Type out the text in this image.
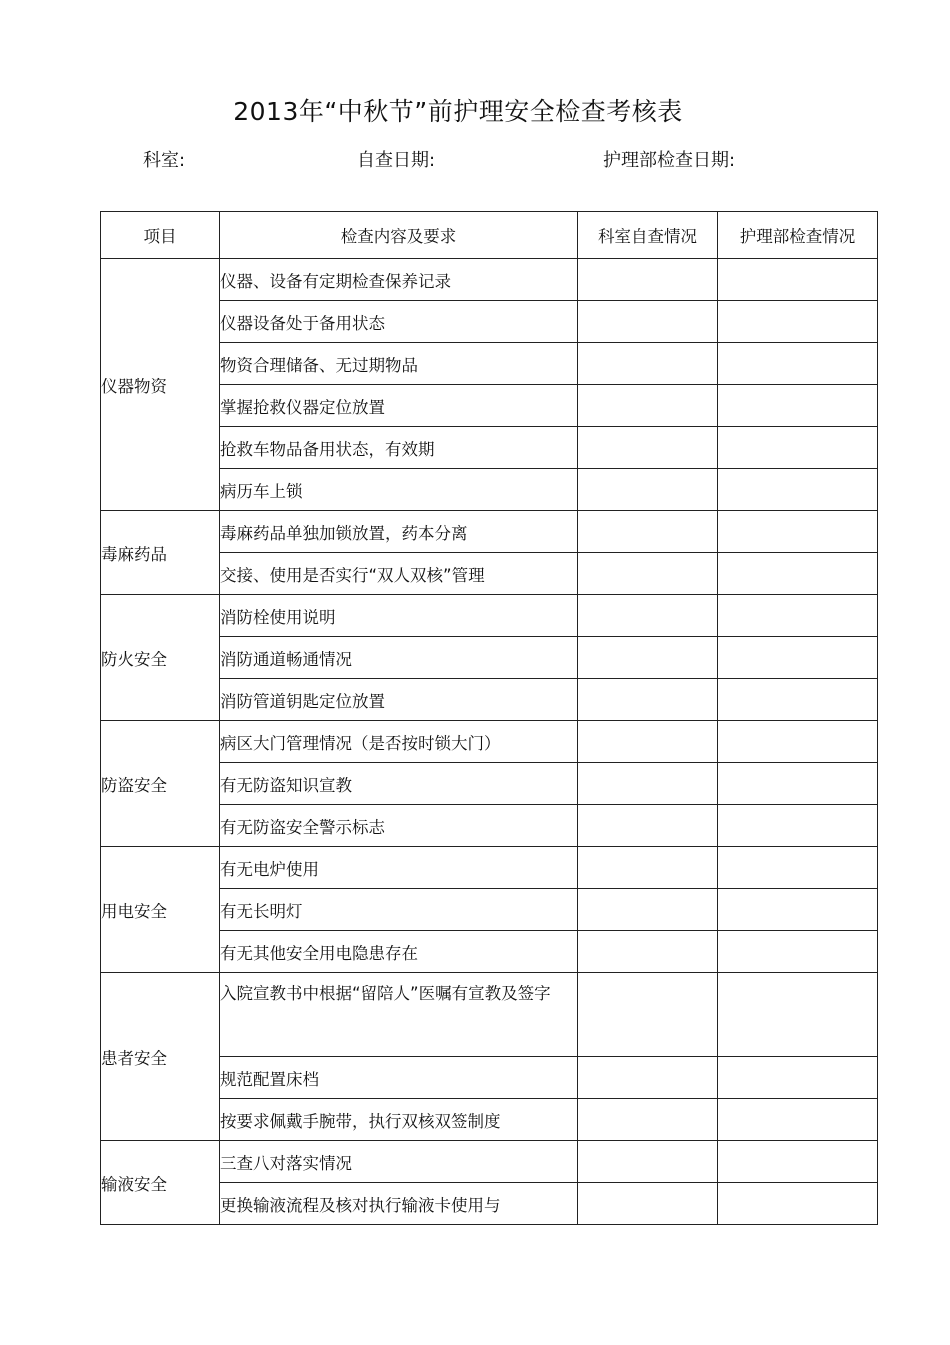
2013年“中秋节”前护理安全检查考核表
科室:	自查日期:	护理部检查日期:
项目	检查内容及要求	科室自查情况	护理部检查情况
仪器物资	仪器、设备有定期检查保养记录		
	仪器设备处于备用状态		
	物资合理储备、无过期物品		
	掌握抢救仪器定位放置		
	抢救车物品备用状态，有效期		
	病历车上锁		
毒麻药品	毒麻药品单独加锁放置，药本分离		
	交接、使用是否实行“双人双核”管理		
防火安全	消防栓使用说明		
	消防通道畅通情况		
	消防管道钥匙定位放置		
防盗安全	病区大门管理情况（是否按时锁大门）		
	有无防盗知识宣教		
	有无防盗安全警示标志		
用电安全	有无电炉使用		
	有无长明灯		
	有无其他安全用电隐患存在		
患者安全	入院宣教书中根据“留陪人”医嘱有宣教及签字		
	规范配置床档		
	按要求佩戴手腕带，执行双核双签制度		
输液安全	三查八对落实情况		
	更换输液流程及核对执行输液卡使用与		
